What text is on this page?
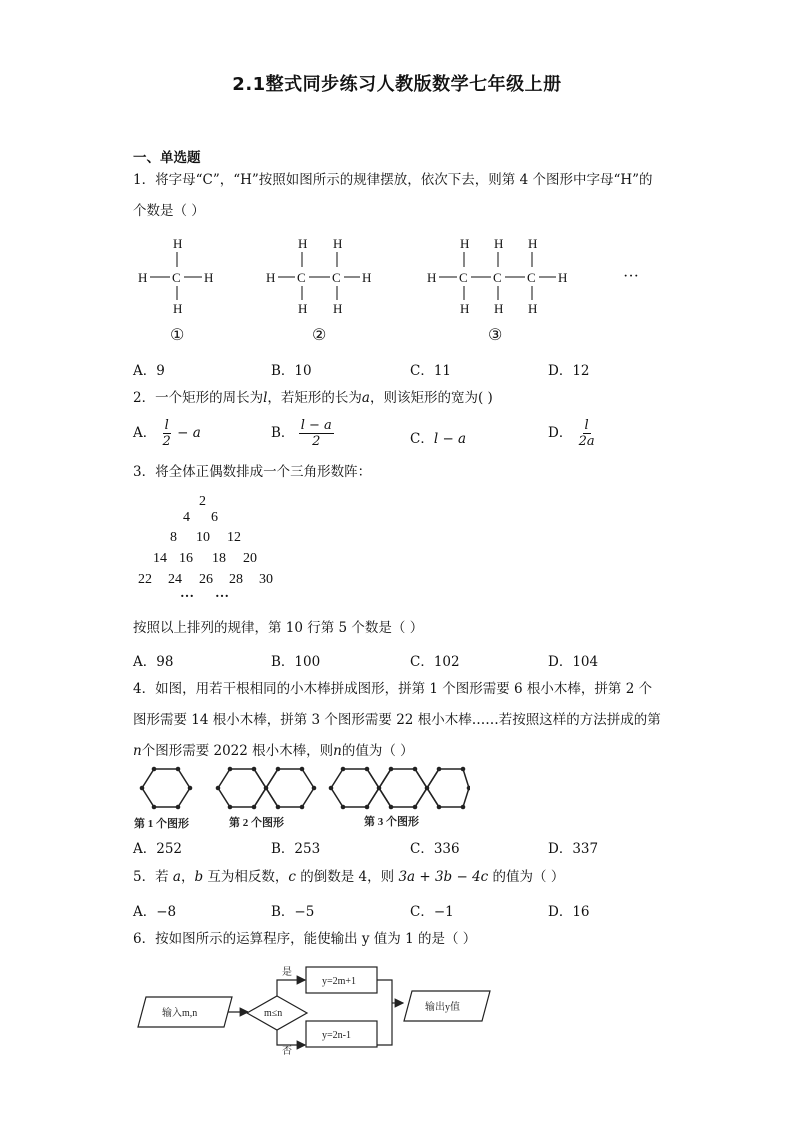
2.1整式同步练习人教版数学七年级上册
一、单选题
1．将字母“C”，“H”按照如图所示的规律摆放，依次下去，则第 4 个图形中字母“H”的
个数是（ ）
H
H C H
H
①
H H
H C C H
H H
②
H H H
H C C C H
H H H
③
···
A．9	B．10	C．11	D．12
2．一个矩形的周长为l，若矩形的长为a，则该矩形的宽为( )
A． $\frac{l}{2} - a$	B． $\frac{l - a}{2}$	C．l − a	D． $\frac{l}{2a}$
3．将全体正偶数排成一个三角形数阵：
2
4 6
8 10 12
14 16 18 20
22 24 26 28 30
… …
按照以上排列的规律，第 10 行第 5 个数是（ ）
A．98	B．100	C．102	D．104
4．如图，用若干根相同的小木棒拼成图形，拼第 1 个图形需要 6 根小木棒，拼第 2 个
图形需要 14 根小木棒，拼第 3 个图形需要 22 根小木棒……若按照这样的方法拼成的第
n个图形需要 2022 根小木棒，则n的值为（ ）
第 1 个图形	第 2 个图形	第 3 个图形
A．252	B．253	C．336	D．337
5．若 a，b 互为相反数，c 的倒数是 4，则 3a + 3b − 4c 的值为（ ）
A．−8	B．−5	C．−1	D．16
6．按如图所示的运算程序，能使输出 y 值为 1 的是（ ）
输入m,n	m≤n
是
否
y=2m+1
y=2n-1
输出y值
